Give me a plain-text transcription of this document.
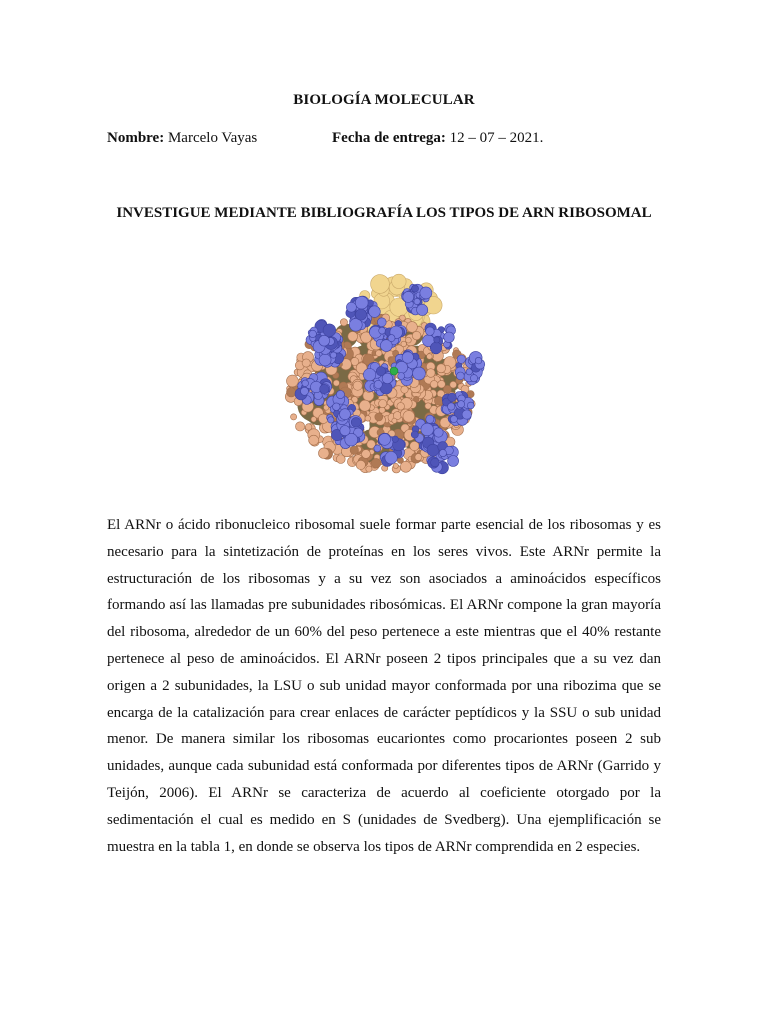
BIOLOGÍA MOLECULAR
Nombre: Marcelo Vayas	Fecha de entrega: 12 – 07 – 2021.
INVESTIGUE MEDIANTE BIBLIOGRAFÍA LOS TIPOS DE ARN RIBOSOMAL

El ARNr o ácido ribonucleico ribosomal suele formar parte esencial de los ribosomas y es necesario para la sintetización de proteínas en los seres vivos. Este ARNr permite la estructuración de los ribosomas y a su vez son asociados a aminoácidos específicos formando así las llamadas pre subunidades ribosómicas. El ARNr compone la gran mayoría del ribosoma, alrededor de un 60% del peso pertenece a este mientras que el 40% restante pertenece al peso de aminoácidos. El ARNr poseen 2 tipos principales que a su vez dan origen a 2 subunidades, la LSU o sub unidad mayor conformada por una ribozima que se encarga de la catalización para crear enlaces de carácter peptídicos y la SSU o sub unidad menor. De manera similar los ribosomas eucariontes como procariontes poseen 2 sub unidades, aunque cada subunidad está conformada por diferentes tipos de ARNr (Garrido y Teijón, 2006). El ARNr se caracteriza de acuerdo al coeficiente otorgado por la sedimentación el cual es medido en S (unidades de Svedberg). Una ejemplificación se muestra en la tabla 1, en donde se observa los tipos de ARNr comprendida en 2 especies.
